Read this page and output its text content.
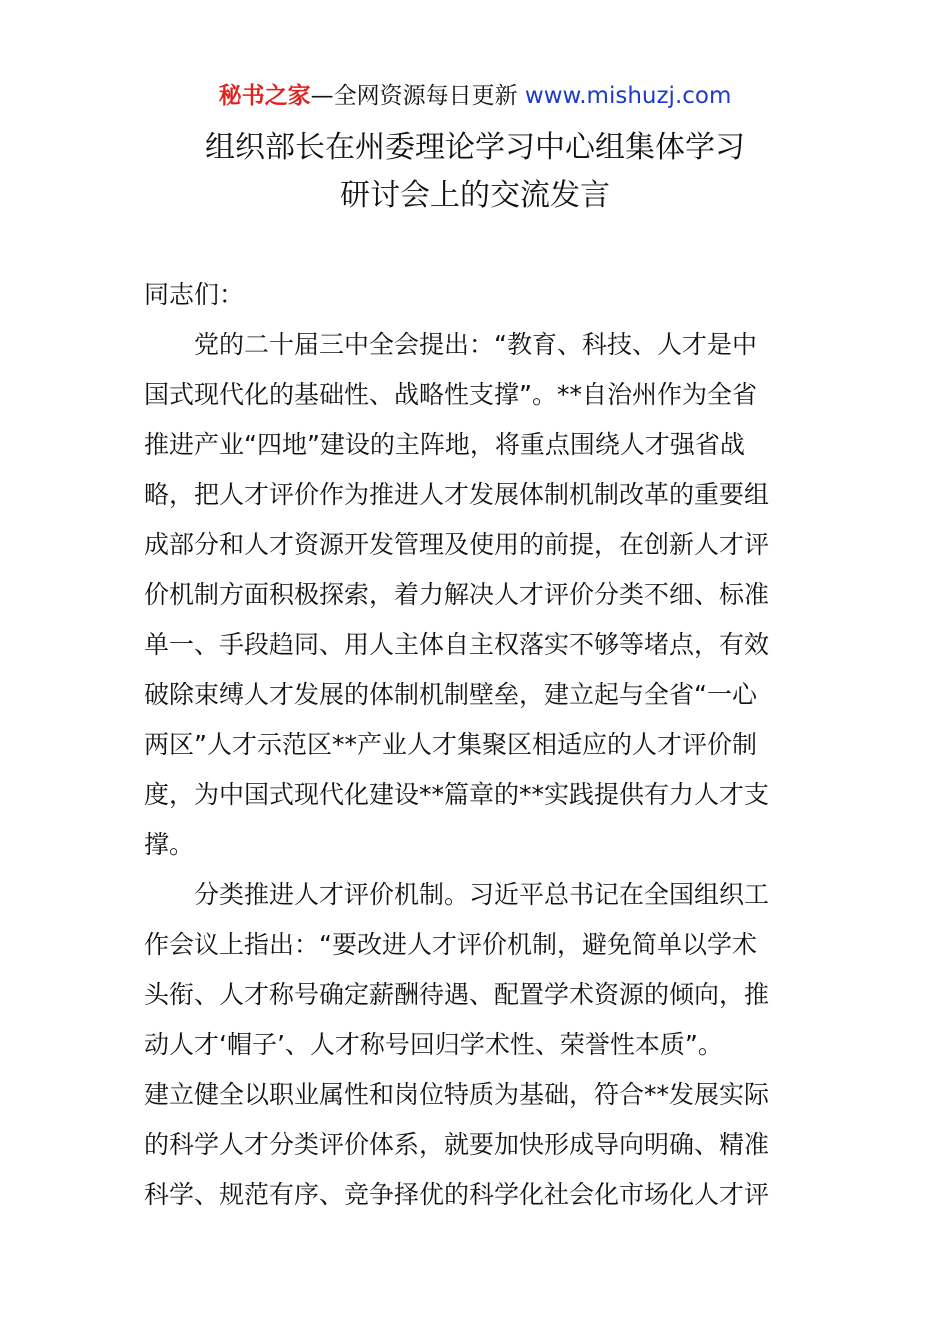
秘书之家—全网资源每日更新 www.mishuzj.com
组织部长在州委理论学习中心组集体学习
研讨会上的交流发言
同志们：
　　党的二十届三中全会提出：“教育、科技、人才是中
国式现代化的基础性、战略性支撑”。**自治州作为全省
推进产业“四地”建设的主阵地，将重点围绕人才强省战
略，把人才评价作为推进人才发展体制机制改革的重要组
成部分和人才资源开发管理及使用的前提，在创新人才评
价机制方面积极探索，着力解决人才评价分类不细、标准
单一、手段趋同、用人主体自主权落实不够等堵点，有效
破除束缚人才发展的体制机制壁垒，建立起与全省“一心
两区”人才示范区**产业人才集聚区相适应的人才评价制
度，为中国式现代化建设**篇章的**实践提供有力人才支
撑。
　　分类推进人才评价机制。习近平总书记在全国组织工
作会议上指出：“要改进人才评价机制，避免简单以学术
头衔、人才称号确定薪酬待遇、配置学术资源的倾向，推
动人才‘帽子’、人才称号回归学术性、荣誉性本质”。
建立健全以职业属性和岗位特质为基础，符合**发展实际
的科学人才分类评价体系，就要加快形成导向明确、精准
科学、规范有序、竞争择优的科学化社会化市场化人才评
